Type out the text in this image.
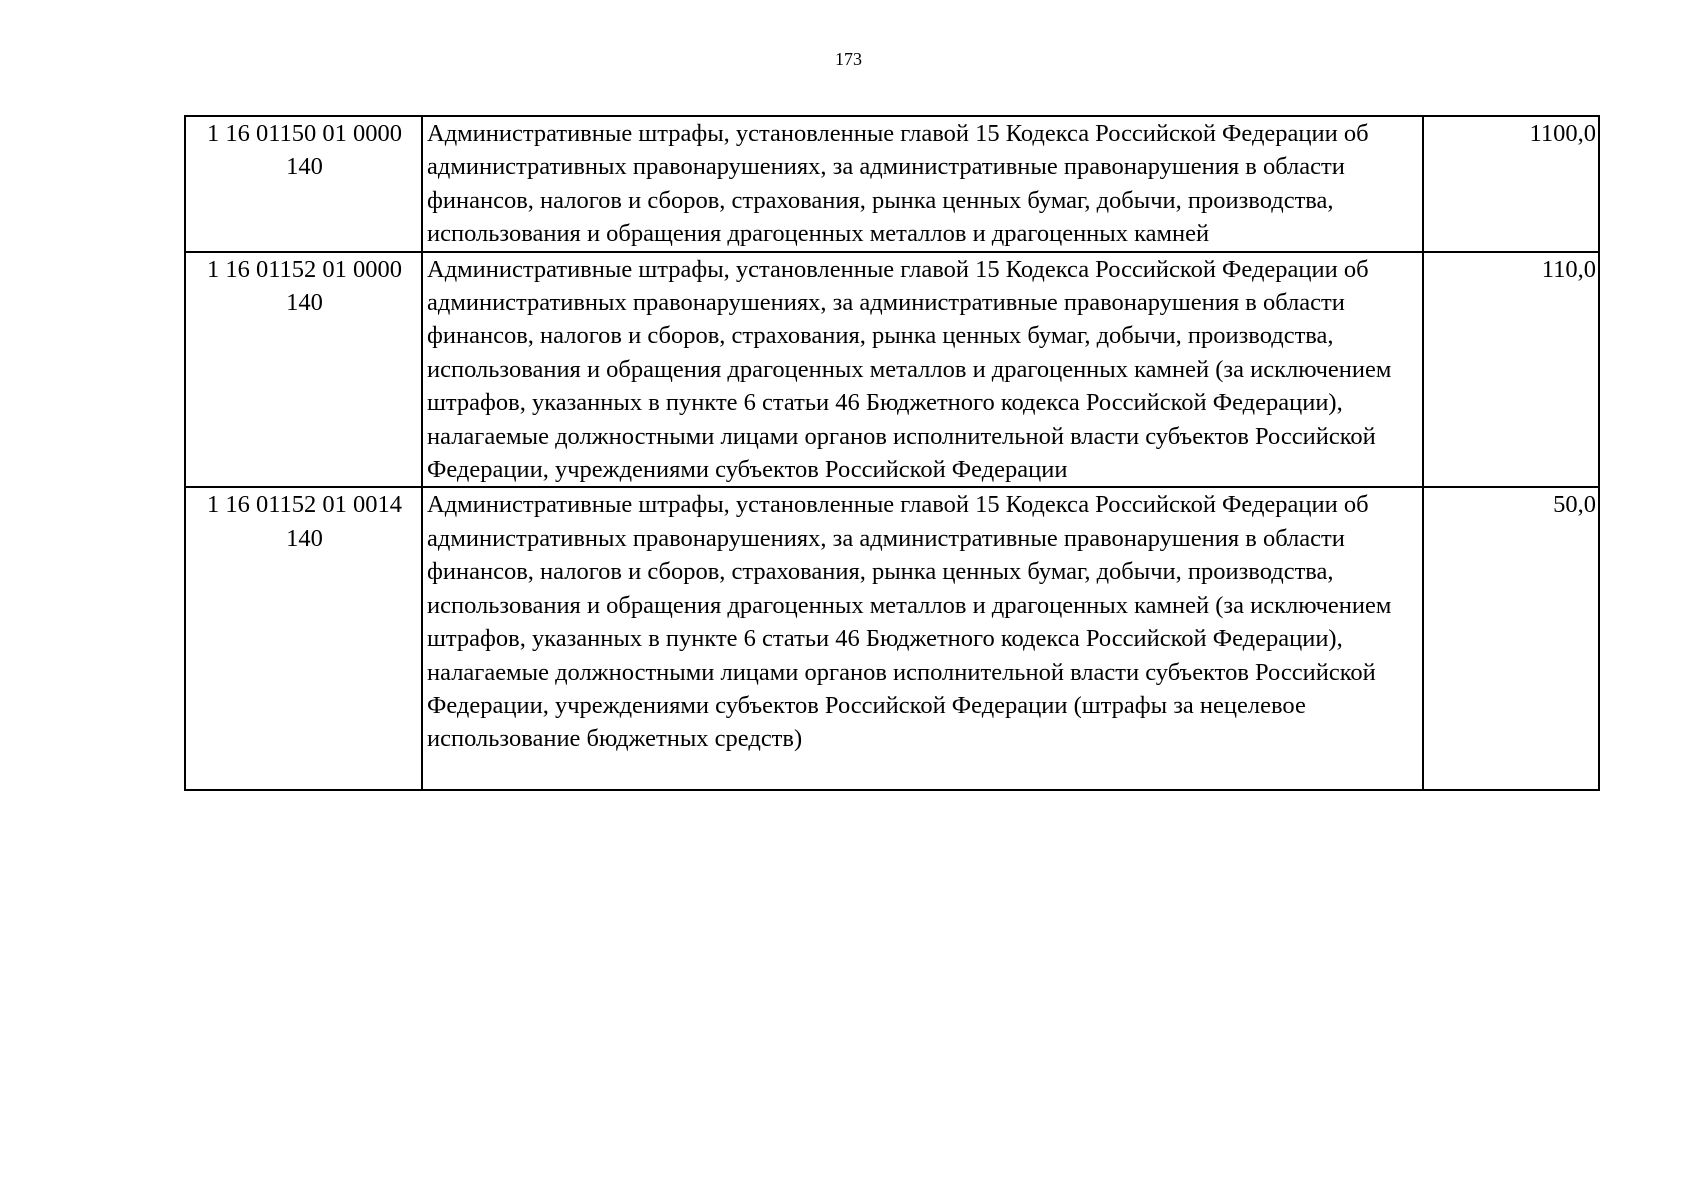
173
1 16 01150 01 0000 140	Административные штрафы, установленные главой 15 Кодекса Российской Федерации об административных правонарушениях, за административные правонарушения в области финансов, налогов и сборов, страхования, рынка ценных бумаг, добычи, производства, использования и обращения драгоценных металлов и драгоценных камней	1100,0
1 16 01152 01 0000 140	Административные штрафы, установленные главой 15 Кодекса Российской Федерации об административных правонарушениях, за административные правонарушения в области финансов, налогов и сборов, страхования, рынка ценных бумаг, добычи, производства, использования и обращения драгоценных металлов и драгоценных камней (за исключением штрафов, указанных в пункте 6 статьи 46 Бюджетного кодекса Российской Федерации), налагаемые должностными лицами органов исполнительной власти субъектов Российской Федерации, учреждениями субъектов Российской Федерации	110,0
1 16 01152 01 0014 140	Административные штрафы, установленные главой 15 Кодекса Российской Федерации об административных правонарушениях, за административные правонарушения в области финансов, налогов и сборов, страхования, рынка ценных бумаг, добычи, производства, использования и обращения драгоценных металлов и драгоценных камней (за исключением штрафов, указанных в пункте 6 статьи 46 Бюджетного кодекса Российской Федерации), налагаемые должностными лицами органов исполнительной власти субъектов Российской Федерации, учреждениями субъектов Российской Федерации (штрафы за нецелевое использование бюджетных средств)	50,0
